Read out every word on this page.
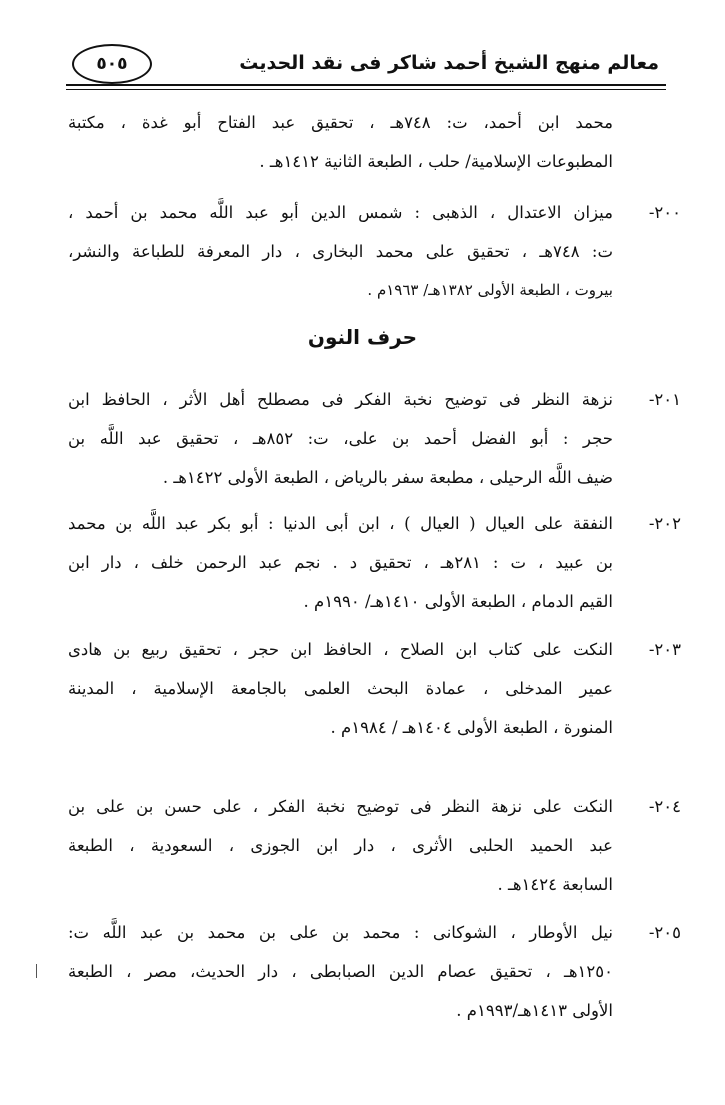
معالم منهج الشيخ أحمد شاكر فى نقد الحديث
٥٠٥
محمد ابن أحمد، ت: ٧٤٨هـ ، تحقيق عبد الفتاح أبو غدة ، مكتبة
المطبوعات الإسلامية/ حلب ، الطبعة الثانية ١٤١٢هـ .
٢٠٠-
ميزان الاعتدال ، الذهبى : شمس الدين أبو عبد اللَّه محمد بن أحمد ،
ت: ٧٤٨هـ ، تحقيق على محمد البخارى ، دار المعرفة للطباعة والنشر،
بيروت ، الطبعة الأولى ١٣٨٢هـ/ ١٩٦٣م .
حرف النون
٢٠١-
نزهة النظر فى توضيح نخبة الفكر فى مصطلح أهل الأثر ، الحافظ ابن
حجر : أبو الفضل أحمد بن على، ت: ٨٥٢هـ ، تحقيق عبد اللَّه بن
ضيف اللَّه الرحيلى ، مطبعة سفر بالرياض ، الطبعة الأولى ١٤٢٢هـ .
٢٠٢-
النفقة على العيال ( العيال ) ، ابن أبى الدنيا : أبو بكر عبد اللَّه بن محمد
بن عبيد ، ت : ٢٨١هـ ، تحقيق د . نجم عبد الرحمن خلف ، دار ابن
القيم الدمام ، الطبعة الأولى ١٤١٠هـ/ ١٩٩٠م .
٢٠٣-
النكت على كتاب ابن الصلاح ، الحافظ ابن حجر ، تحقيق ربيع بن هادى
عمير المدخلى ، عمادة البحث العلمى بالجامعة الإسلامية ، المدينة
المنورة ، الطبعة الأولى ١٤٠٤هـ / ١٩٨٤م .
٢٠٤-
النكت على نزهة النظر فى توضيح نخبة الفكر ، على حسن بن على بن
عبد الحميد الحلبى الأثرى ، دار ابن الجوزى ، السعودية ، الطبعة
السابعة ١٤٢٤هـ .
٢٠٥-
نيل الأوطار ، الشوكانى : محمد بن على بن محمد بن عبد اللَّه ت:
١٢٥٠هـ ، تحقيق عصام الدين الصبابطى ، دار الحديث، مصر ، الطبعة
الأولى ١٤١٣هـ/١٩٩٣م .
